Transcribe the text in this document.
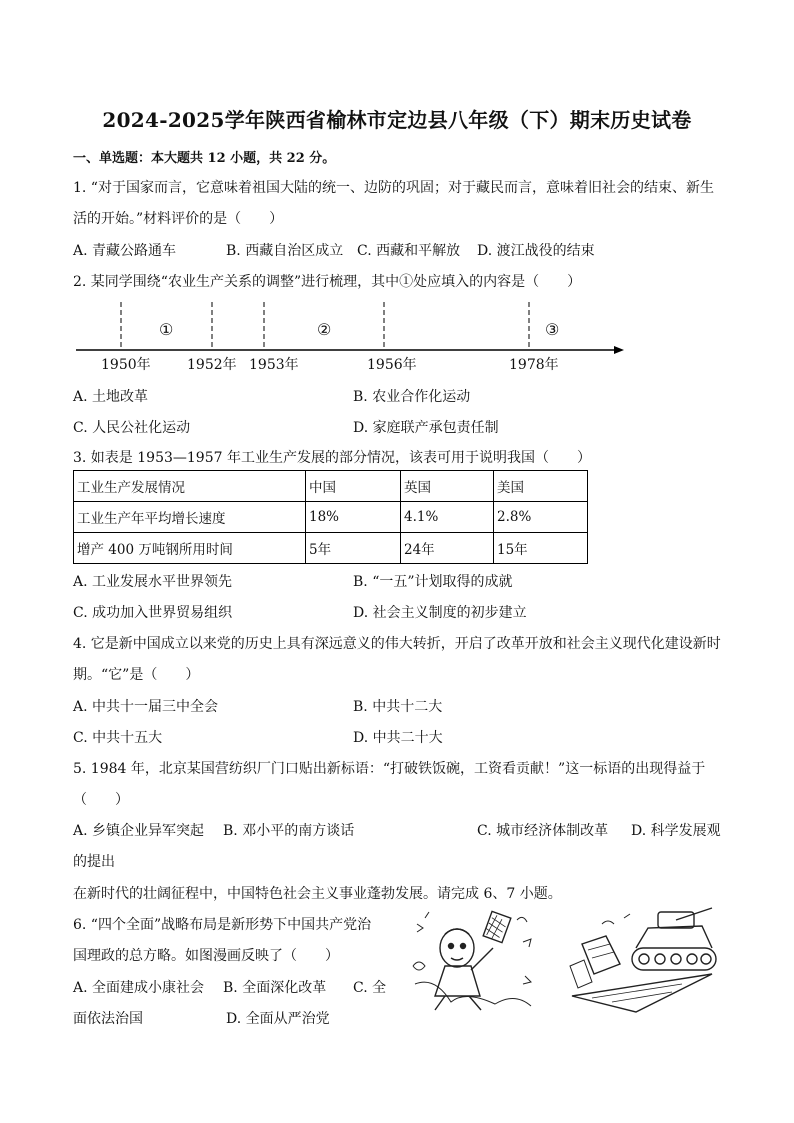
2024-2025学年陕西省榆林市定边县八年级（下）期末历史试卷
一、单选题：本大题共 12 小题，共 22 分。
1. “对于国家而言，它意味着祖国大陆的统一、边防的巩固；对于藏民而言，意味着旧社会的结束、新生
活的开始。”材料评价的是（　　）
A. 青藏公路通车	B. 西藏自治区成立 C. 西藏和平解放 D. 渡江战役的结束
2. 某同学围绕“农业生产关系的调整”进行梳理，其中①处应填入的内容是（　　）
①	②	③
1950年	1952年 1953年	1956年	1978年
A. 土地改革	B. 农业合作化运动
C. 人民公社化运动	D. 家庭联产承包责任制
3. 如表是 1953—1957 年工业生产发展的部分情况，该表可用于说明我国（　　）
工业生产发展情况	中国	英国	美国
工业生产年平均增长速度	18%	4.1%	2.8%
增产 400 万吨钢所用时间	5年	24年	15年
A. 工业发展水平世界领先	B. “一五”计划取得的成就
C. 成功加入世界贸易组织	D. 社会主义制度的初步建立
4. 它是新中国成立以来党的历史上具有深远意义的伟大转折，开启了改革开放和社会主义现代化建设新时
期。“它”是（　　）
A. 中共十一届三中全会	B. 中共十二大
C. 中共十五大	D. 中共二十大
5. 1984 年，北京某国营纺织厂门口贴出新标语：“打破铁饭碗，工资看贡献！”这一标语的出现得益于
（　　）
A. 乡镇企业异军突起 B. 邓小平的南方谈话	C. 城市经济体制改革 D. 科学发展观
的提出
在新时代的壮阔征程中，中国特色社会主义事业蓬勃发展。请完成 6、7 小题。
6. “四个全面”战略布局是新形势下中国共产党治
国理政的总方略。如图漫画反映了（　　）
A. 全面建成小康社会 B. 全面深化改革 C. 全
面依法治国	D. 全面从严治党
